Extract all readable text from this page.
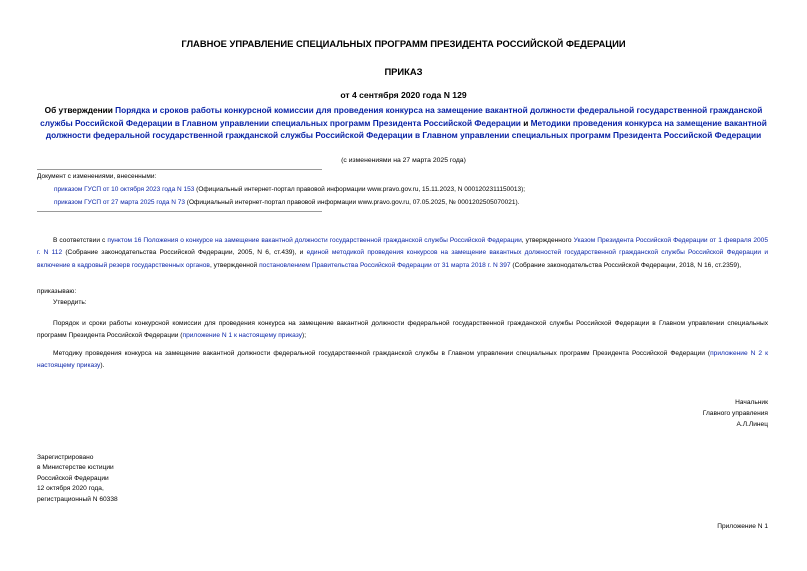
ГЛАВНОЕ УПРАВЛЕНИЕ СПЕЦИАЛЬНЫХ ПРОГРАММ ПРЕЗИДЕНТА РОССИЙСКОЙ ФЕДЕРАЦИИ
ПРИКАЗ
от 4 сентября 2020 года N 129
Об утверждении Порядка и сроков работы конкурсной комиссии для проведения конкурса на замещение вакантной должности федеральной государственной гражданской службы Российской Федерации в Главном управлении специальных программ Президента Российской Федерации и Методики проведения конкурса на замещение вакантной должности федеральной государственной гражданской службы Российской Федерации в Главном управлении специальных программ Президента Российской Федерации
(с изменениями на 27 марта 2025 года)
Документ с изменениями, внесенными:
приказом ГУСП от 10 октября 2023 года N 153 (Официальный интернет-портал правовой информации www.pravo.gov.ru, 15.11.2023, N 0001202311150013);
приказом ГУСП от 27 марта 2025 года N 73 (Официальный интернет-портал правовой информации www.pravo.gov.ru, 07.05.2025, № 0001202505070021).
В соответствии с пунктом 16 Положения о конкурсе на замещение вакантной должности государственной гражданской службы Российской Федерации, утвержденного Указом Президента Российской Федерации от 1 февраля 2005 г. N 112 (Собрание законодательства Российской Федерации, 2005, N 6, ст.439), и единой методикой проведения конкурсов на замещение вакантных должностей государственной гражданской службы Российской Федерации и включение в кадровый резерв государственных органов, утвержденной постановлением Правительства Российской Федерации от 31 марта 2018 г. N 397 (Собрание законодательства Российской Федерации, 2018, N 16, ст.2359),
приказываю:
Утвердить:
Порядок и сроки работы конкурсной комиссии для проведения конкурса на замещение вакантной должности федеральной государственной гражданской службы Российской Федерации в Главном управлении специальных программ Президента Российской Федерации (приложение N 1 к настоящему приказу);
Методику проведения конкурса на замещение вакантной должности федеральной государственной гражданской службы в Главном управлении специальных программ Президента Российской Федерации (приложение N 2 к настоящему приказу).
Начальник
Главного управления
А.Л.Линец
Зарегистрировано
в Министерстве юстиции
Российской Федерации
12 октября 2020 года,
регистрационный N 60338
Приложение N 1
